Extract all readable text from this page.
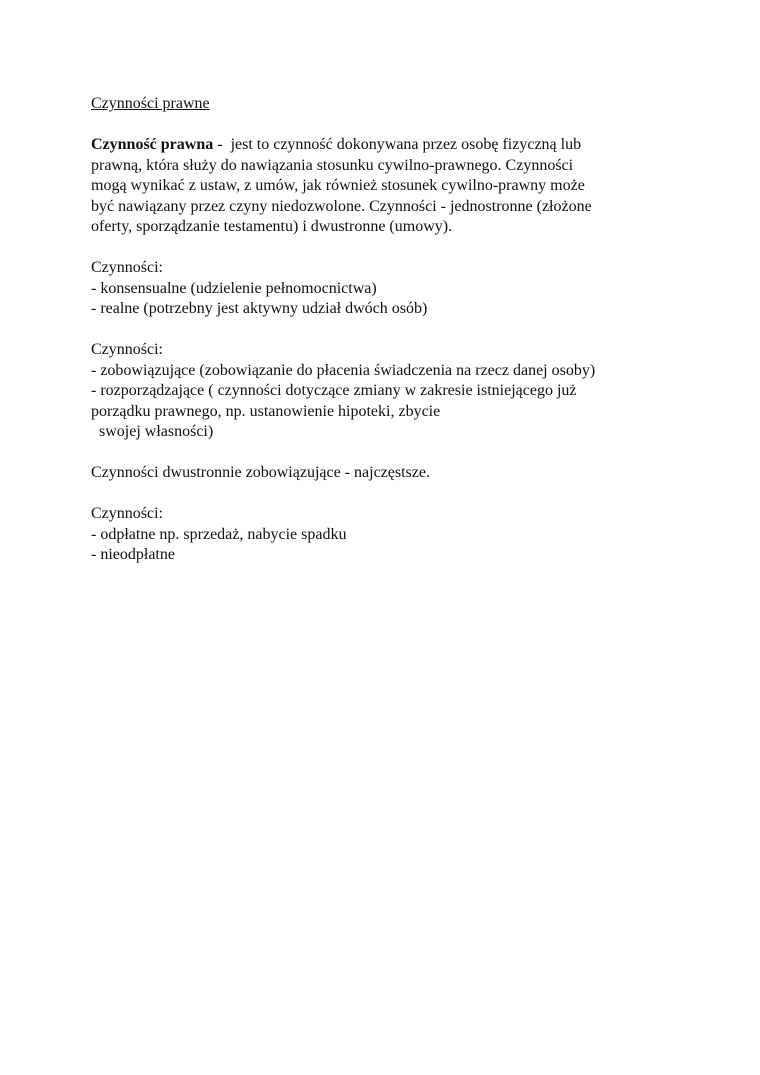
Czynności prawne
Czynność prawna -  jest to czynność dokonywana przez osobę fizyczną lub
prawną, która służy do nawiązania stosunku cywilno-prawnego. Czynności
mogą wynikać z ustaw, z umów, jak również stosunek cywilno-prawny może
być nawiązany przez czyny niedozwolone. Czynności - jednostronne (złożone
oferty, sporządzanie testamentu) i dwustronne (umowy).
Czynności:
- konsensualne (udzielenie pełnomocnictwa)
- realne (potrzebny jest aktywny udział dwóch osób)
Czynności:
- zobowiązujące (zobowiązanie do płacenia świadczenia na rzecz danej osoby)
- rozporządzające ( czynności dotyczące zmiany w zakresie istniejącego już
porządku prawnego, np. ustanowienie hipoteki, zbycie
swojej własności)
Czynności dwustronnie zobowiązujące - najczęstsze.
Czynności:
- odpłatne np. sprzedaż, nabycie spadku
- nieodpłatne
